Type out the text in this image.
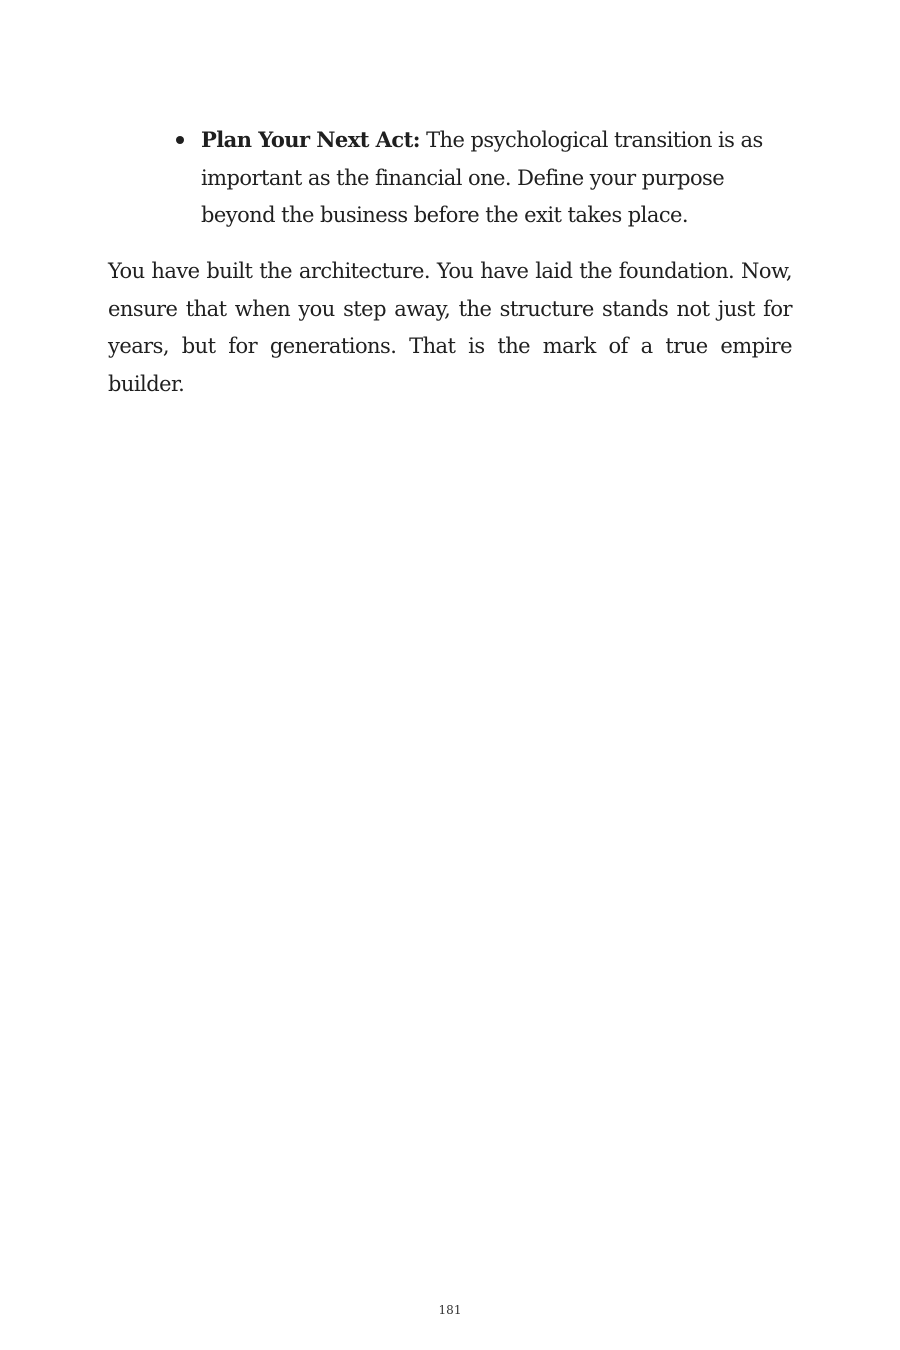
Plan Your Next Act: The psychological transition is as important as the financial one. Define your purpose beyond the business before the exit takes place.

You have built the architecture. You have laid the foundation. Now, ensure that when you step away, the structure stands not just for years, but for generations. That is the mark of a true empire builder.

181
